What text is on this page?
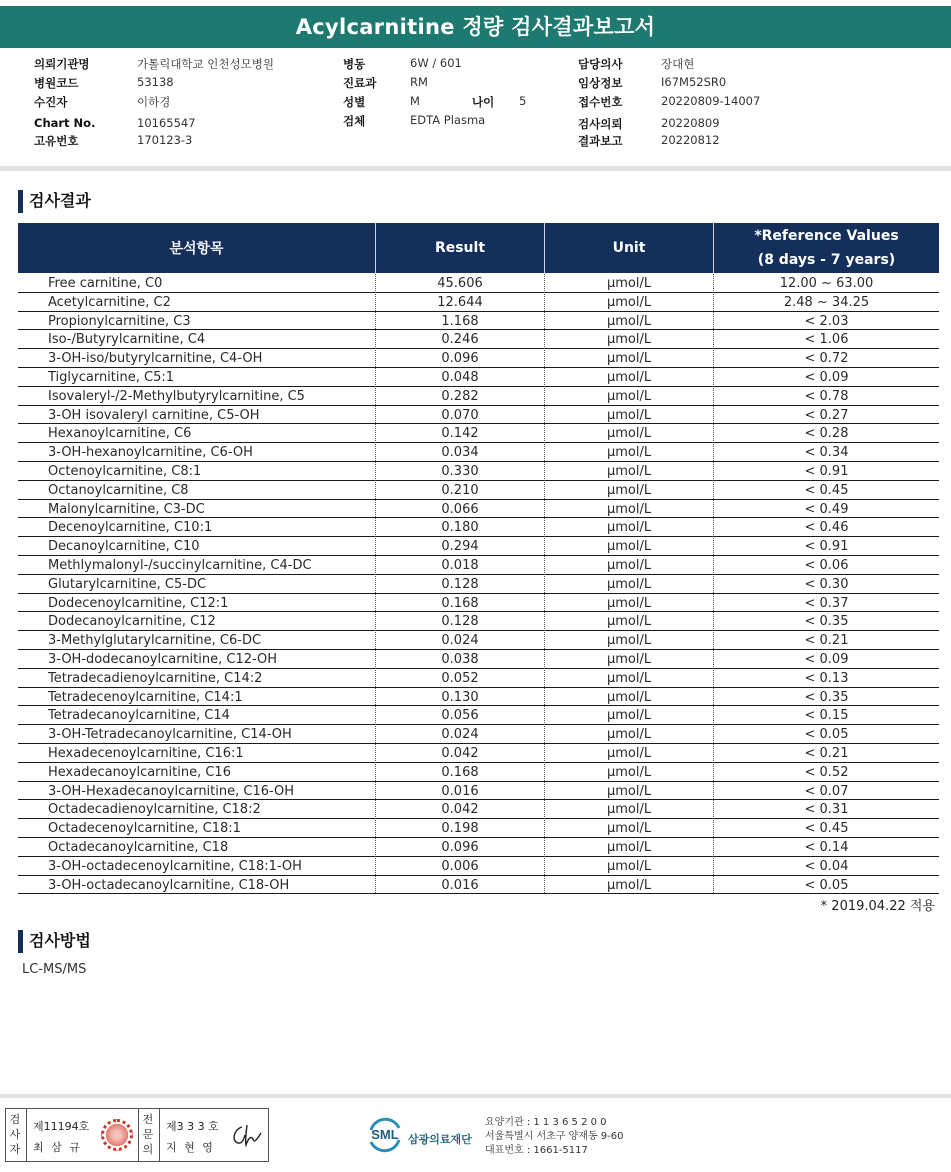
Acylcarnitine 정량 검사결과보고서
의뢰기관명	가톨릭대학교 인천성모병원
병원코드	53138
수진자	이하경
Chart No.	10165547
고유번호	170123-3
병동	6W / 601
진료과	RM
성별	M
검체	EDTA Plasma
담당의사	장대현
임상정보	I67M52SR0
접수번호	20220809-14007
검사의뢰	20220809
결과보고	20220812
나이 5
검사결과
분석항목	Result	Unit
*Reference Values
(8 days - 7 years)
Free carnitine, C0	45.606	μmol/L	12.00 ~ 63.00
Acetylcarnitine, C2	12.644	μmol/L	2.48 ~ 34.25
Propionylcarnitine, C3	1.168	μmol/L	< 2.03
Iso-/Butyrylcarnitine, C4	0.246	μmol/L	< 1.06
3-OH-iso/butyrylcarnitine, C4-OH	0.096	μmol/L	< 0.72
Tiglycarnitine, C5:1	0.048	μmol/L	< 0.09
Isovaleryl-/2-Methylbutyrylcarnitine, C5	0.282	μmol/L	< 0.78
3-OH isovaleryl carnitine, C5-OH	0.070	μmol/L	< 0.27
Hexanoylcarnitine, C6	0.142	μmol/L	< 0.28
3-OH-hexanoylcarnitine, C6-OH	0.034	μmol/L	< 0.34
Octenoylcarnitine, C8:1	0.330	μmol/L	< 0.91
Octanoylcarnitine, C8	0.210	μmol/L	< 0.45
Malonylcarnitine, C3-DC	0.066	μmol/L	< 0.49
Decenoylcarnitine, C10:1	0.180	μmol/L	< 0.46
Decanoylcarnitine, C10	0.294	μmol/L	< 0.91
Methlymalonyl-/succinylcarnitine, C4-DC	0.018	μmol/L	< 0.06
Glutarylcarnitine, C5-DC	0.128	μmol/L	< 0.30
Dodecenoylcarnitine, C12:1	0.168	μmol/L	< 0.37
Dodecanoylcarnitine, C12	0.128	μmol/L	< 0.35
3-Methylglutarylcarnitine, C6-DC	0.024	μmol/L	< 0.21
3-OH-dodecanoylcarnitine, C12-OH	0.038	μmol/L	< 0.09
Tetradecadienoylcarnitine, C14:2	0.052	μmol/L	< 0.13
Tetradecenoylcarnitine, C14:1	0.130	μmol/L	< 0.35
Tetradecanoylcarnitine, C14	0.056	μmol/L	< 0.15
3-OH-Tetradecanoylcarnitine, C14-OH	0.024	μmol/L	< 0.05
Hexadecenoylcarnitine, C16:1	0.042	μmol/L	< 0.21
Hexadecanoylcarnitine, C16	0.168	μmol/L	< 0.52
3-OH-Hexadecanoylcarnitine, C16-OH	0.016	μmol/L	< 0.07
Octadecadienoylcarnitine, C18:2	0.042	μmol/L	< 0.31
Octadecenoylcarnitine, C18:1	0.198	μmol/L	< 0.45
Octadecanoylcarnitine, C18	0.096	μmol/L	< 0.14
3-OH-octadecenoylcarnitine, C18:1-OH	0.006	μmol/L	< 0.04
3-OH-octadecanoylcarnitine, C18-OH	0.016	μmol/L	< 0.05
* 2019.04.22 적용
검사방법
LC-MS/MS
검사자
제11194호
최 삼 규
전문의
제3 3 3 호
지 현 영
SML 삼광의료재단
요양기관 : 1 1 3 6 5 2 0 0
서울특별시 서초구 양재동 9-60
대표번호 : 1661-5117
